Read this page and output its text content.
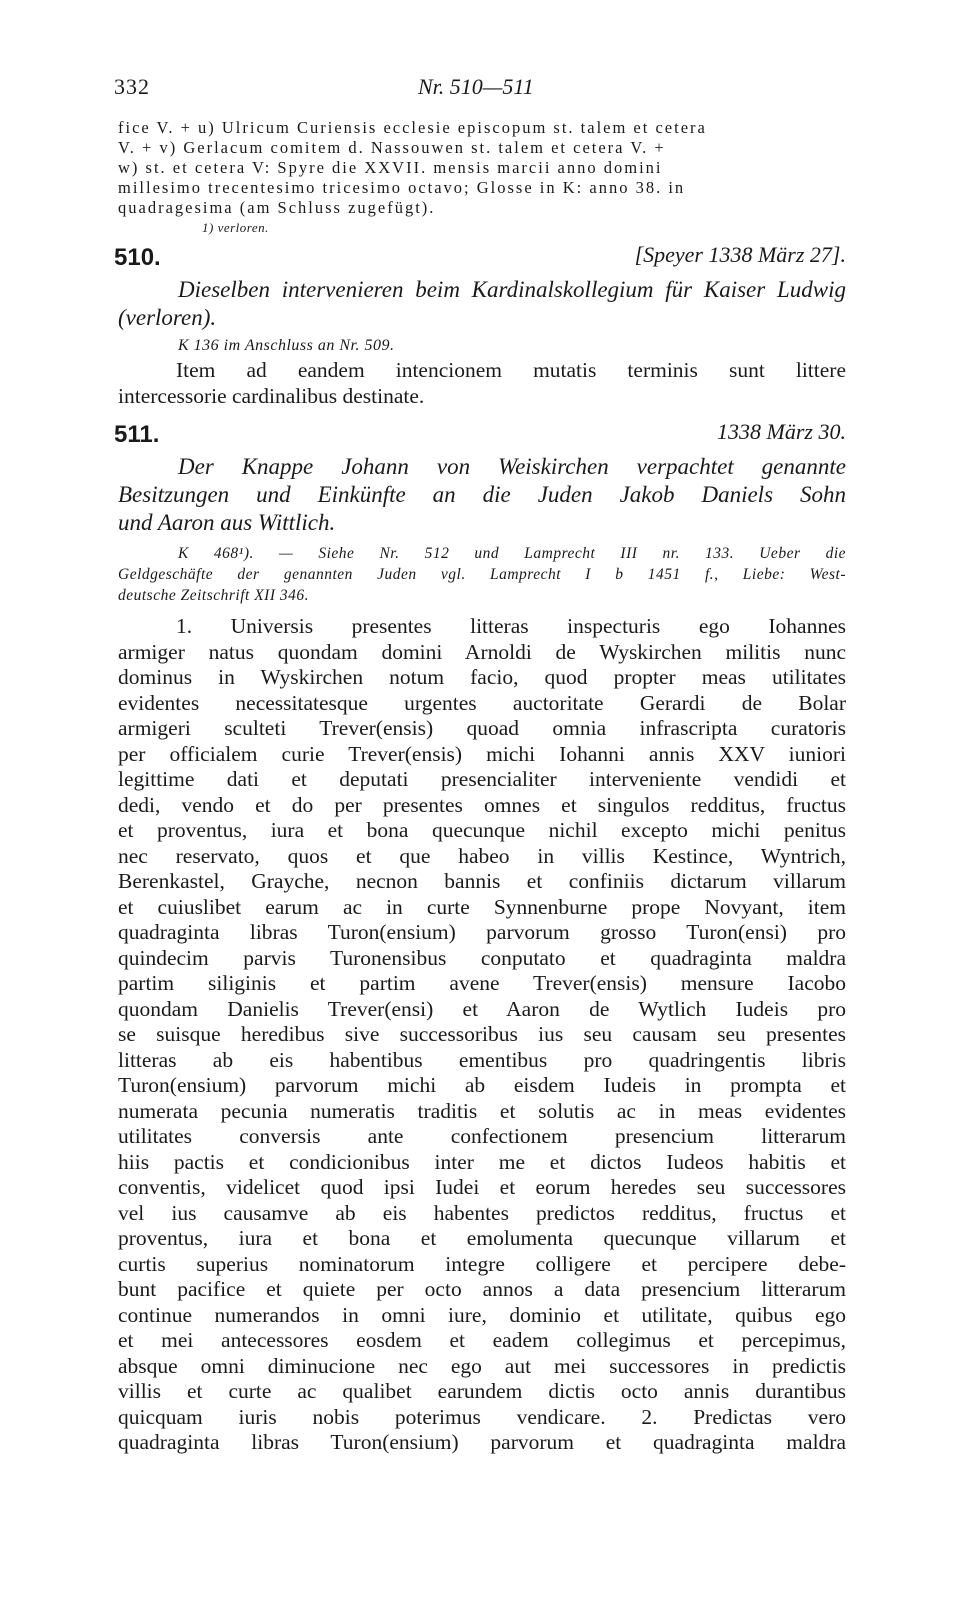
332	Nr. 510—511
fice V. + u) Ulricum Curiensis ecclesie episcopum st. talem et cetera
V. + v) Gerlacum comitem d. Nassouwen st. talem et cetera V. +
w) st. et cetera V: Spyre die XXVII. mensis marcii anno domini
millesimo trecentesimo tricesimo octavo; Glosse in K: anno 38. in
quadragesima (am Schluss zugefügt).
1) verloren.
510.	[Speyer 1338 März 27].
Dieselben intervenieren beim Kardinalskollegium für Kaiser Ludwig (verloren).
K 136 im Anschluss an Nr. 509.
Item ad eandem intencionem mutatis terminis sunt littere
intercessorie cardinalibus destinate.
511.	1338 März 30.
Der Knappe Johann von Weiskirchen verpachtet genannte
Besitzungen und Einkünfte an die Juden Jakob Daniels Sohn
und Aaron aus Wittlich.
K 468¹). — Siehe Nr. 512 und Lamprecht III nr. 133. Ueber die
Geldgeschäfte der genannten Juden vgl. Lamprecht I b 1451 f., Liebe: West-
deutsche Zeitschrift XII 346.
1. Universis presentes litteras inspecturis ego Iohannes
armiger natus quondam domini Arnoldi de Wyskirchen militis nunc
dominus in Wyskirchen notum facio, quod propter meas utilitates
evidentes necessitatesque urgentes auctoritate Gerardi de Bolar
armigeri sculteti Trever(ensis) quoad omnia infrascripta curatoris
per officialem curie Trever(ensis) michi Iohanni annis XXV iuniori
legittime dati et deputati presencialiter interveniente vendidi et
dedi, vendo et do per presentes omnes et singulos redditus, fructus
et proventus, iura et bona quecunque nichil excepto michi penitus
nec reservato, quos et que habeo in villis Kestince, Wyntrich,
Berenkastel, Grayche, necnon bannis et confiniis dictarum villarum
et cuiuslibet earum ac in curte Synnenburne prope Novyant, item
quadraginta libras Turon(ensium) parvorum grosso Turon(ensi) pro
quindecim parvis Turonensibus conputato et quadraginta maldra
partim siliginis et partim avene Trever(ensis) mensure Iacobo
quondam Danielis Trever(ensi) et Aaron de Wytlich Iudeis pro
se suisque heredibus sive successoribus ius seu causam seu presentes
litteras ab eis habentibus ementibus pro quadringentis libris
Turon(ensium) parvorum michi ab eisdem Iudeis in prompta et
numerata pecunia numeratis traditis et solutis ac in meas evidentes
utilitates conversis ante confectionem presencium litterarum
hiis pactis et condicionibus inter me et dictos Iudeos habitis et
conventis, videlicet quod ipsi Iudei et eorum heredes seu successores
vel ius causamve ab eis habentes predictos redditus, fructus et
proventus, iura et bona et emolumenta quecunque villarum et
curtis superius nominatorum integre colligere et percipere debe-
bunt pacifice et quiete per octo annos a data presencium litterarum
continue numerandos in omni iure, dominio et utilitate, quibus ego
et mei antecessores eosdem et eadem collegimus et percepimus,
absque omni diminucione nec ego aut mei successores in predictis
villis et curte ac qualibet earundem dictis octo annis durantibus
quicquam iuris nobis poterimus vendicare. 2. Predictas vero
quadraginta libras Turon(ensium) parvorum et quadraginta maldra
